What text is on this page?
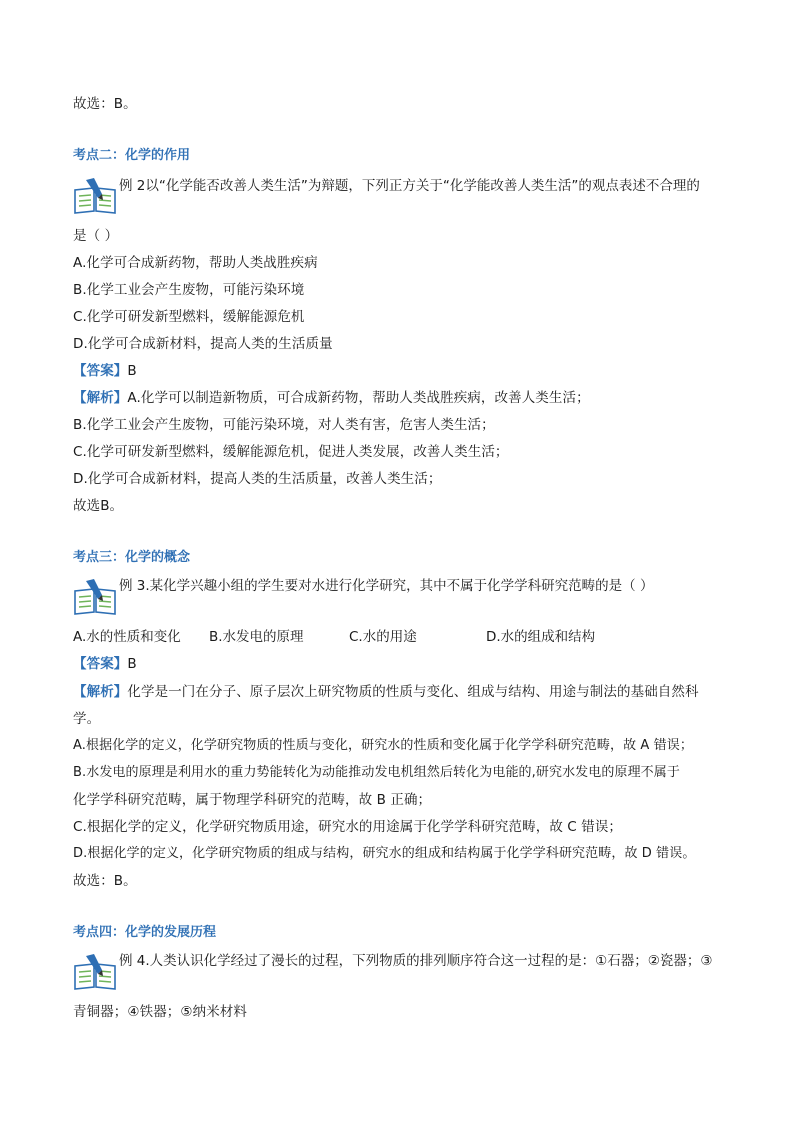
故选：B。
考点二：化学的作用
例 2以“化学能否改善人类生活”为辩题，下列正方关于“化学能改善人类生活”的观点表述不合理的
是（ ）
A.化学可合成新药物，帮助人类战胜疾病
B.化学工业会产生废物，可能污染环境
C.化学可研发新型燃料，缓解能源危机
D.化学可合成新材料，提高人类的生活质量
【答案】B
【解析】A.化学可以制造新物质，可合成新药物，帮助人类战胜疾病，改善人类生活；
B.化学工业会产生废物，可能污染环境，对人类有害，危害人类生活；
C.化学可研发新型燃料，缓解能源危机，促进人类发展，改善人类生活；
D.化学可合成新材料，提高人类的生活质量，改善人类生活；
故选B。
考点三：化学的概念
例 3.某化学兴趣小组的学生要对水进行化学研究，其中不属于化学学科研究范畴的是（ ）
A.水的性质和变化 B.水发电的原理	C.水的用途	D.水的组成和结构
【答案】B
【解析】化学是一门在分子、原子层次上研究物质的性质与变化、组成与结构、用途与制法的基础自然科
学。
A.根据化学的定义，化学研究物质的性质与变化，研究水的性质和变化属于化学学科研究范畴，故 A 错误；
B.水发电的原理是利用水的重力势能转化为动能推动发电机组然后转化为电能的,研究水发电的原理不属于
化学学科研究范畴，属于物理学科研究的范畴，故 B 正确；
C.根据化学的定义，化学研究物质用途，研究水的用途属于化学学科研究范畴，故 C 错误；
D.根据化学的定义，化学研究物质的组成与结构，研究水的组成和结构属于化学学科研究范畴，故 D 错误。
故选：B。
考点四：化学的发展历程
例 4.人类认识化学经过了漫长的过程，下列物质的排列顺序符合这一过程的是：①石器；②瓷器；③
青铜器；④铁器；⑤纳米材料
